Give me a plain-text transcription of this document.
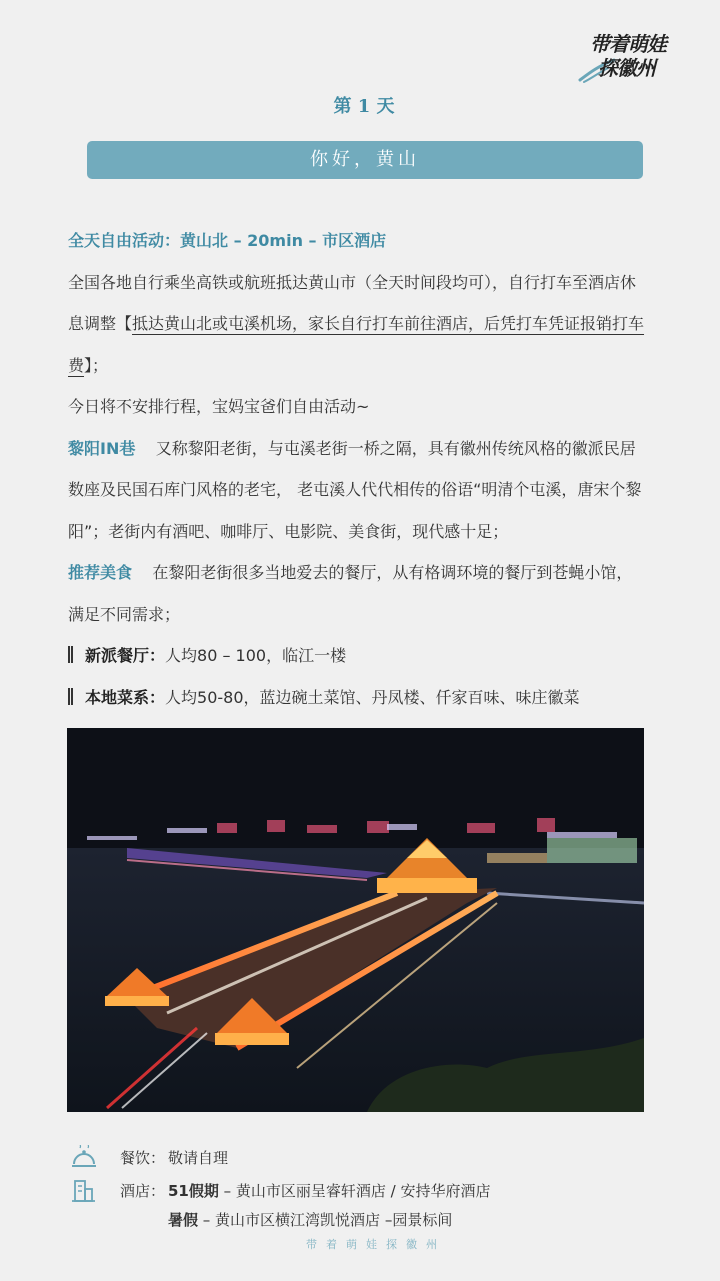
带着萌娃
探徽州
第 1 天
你好，黄山

全天自由活动：黄山北 – 20min – 市区酒店

全国各地自行乘坐高铁或航班抵达黄山市（全天时间段均可），自行打车至酒店休息调整【抵达黄山北或屯溪机场，家长自行打车前往酒店，后凭打车凭证报销打车费】；

今日将不安排行程，宝妈宝爸们自由活动~

黎阳IN巷 又称黎阳老街，与屯溪老街一桥之隔，具有徽州传统风格的徽派民居数座及民国石库门风格的老宅， 老屯溪人代代相传的俗语“明清个屯溪，唐宋个黎阳”；老街内有酒吧、咖啡厅、电影院、美食街，现代感十足；

推荐美食 在黎阳老街很多当地爱去的餐厅，从有格调环境的餐厅到苍蝇小馆，满足不同需求；

新派餐厅：人均80 – 100，临江一楼

本地菜系：人均50-80，蓝边碗土菜馆、丹凤楼、仟家百味、味庄徽菜

餐饮： 敬请自理
酒店： 51假期 – 黄山市区丽呈睿轩酒店 / 安持华府酒店
暑假 – 黄山市区横江湾凯悦酒店 –园景标间
带着萌娃探徽州
